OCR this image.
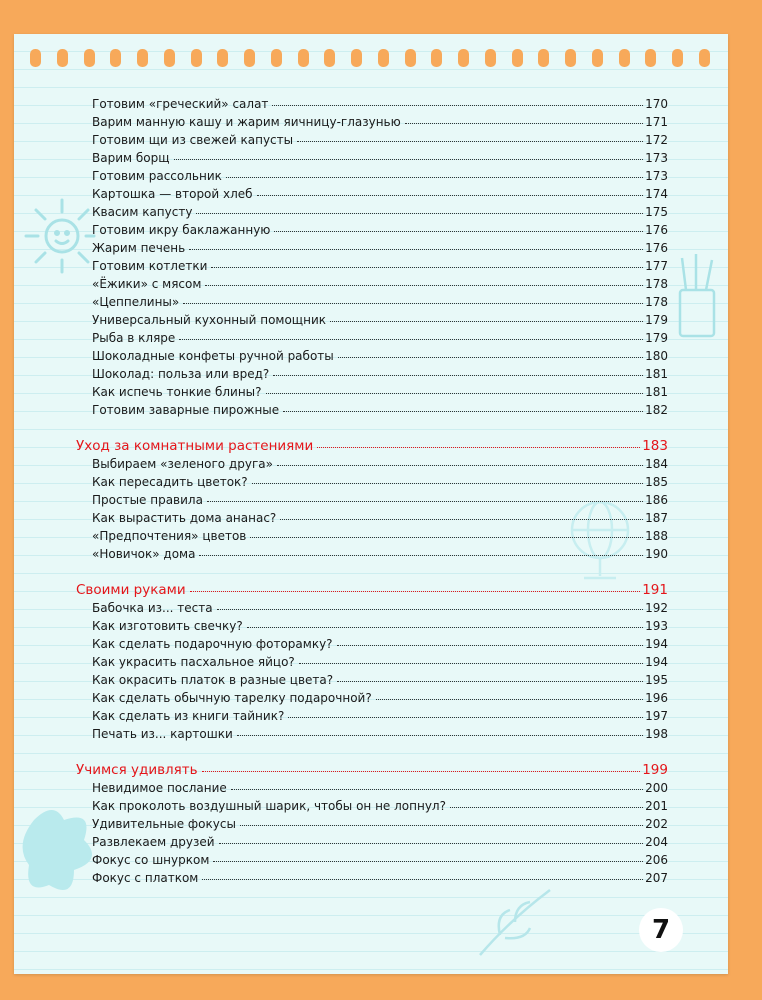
Готовим «греческий» салат	170
Варим манную кашу и жарим яичницу-глазунью	171
Готовим щи из свежей капусты	172
Варим борщ	173
Готовим рассольник	173
Картошка — второй хлеб	174
Квасим капусту	175
Готовим икру баклажанную	176
Жарим печень	176
Готовим котлетки	177
«Ёжики» с мясом	178
«Цеппелины»	178
Универсальный кухонный помощник	179
Рыба в кляре	179
Шоколадные конфеты ручной работы	180
Шоколад: польза или вред?	181
Как испечь тонкие блины?	181
Готовим заварные пирожные	182
Уход за комнатными растениями	183
Выбираем «зеленого друга»	184
Как пересадить цветок?	185
Простые правила	186
Как вырастить дома ананас?	187
«Предпочтения» цветов	188
«Новичок» дома	190
Своими руками	191
Бабочка из... теста	192
Как изготовить свечку?	193
Как сделать подарочную фоторамку?	194
Как украсить пасхальное яйцо?	194
Как окрасить платок в разные цвета?	195
Как сделать обычную тарелку подарочной?	196
Как сделать из книги тайник?	197
Печать из... картошки	198
Учимся удивлять	199
Невидимое послание	200
Как проколоть воздушный шарик, чтобы он не лопнул?	201
Удивительные фокусы	202
Развлекаем друзей	204
Фокус со шнурком	206
Фокус с платком	207
7
